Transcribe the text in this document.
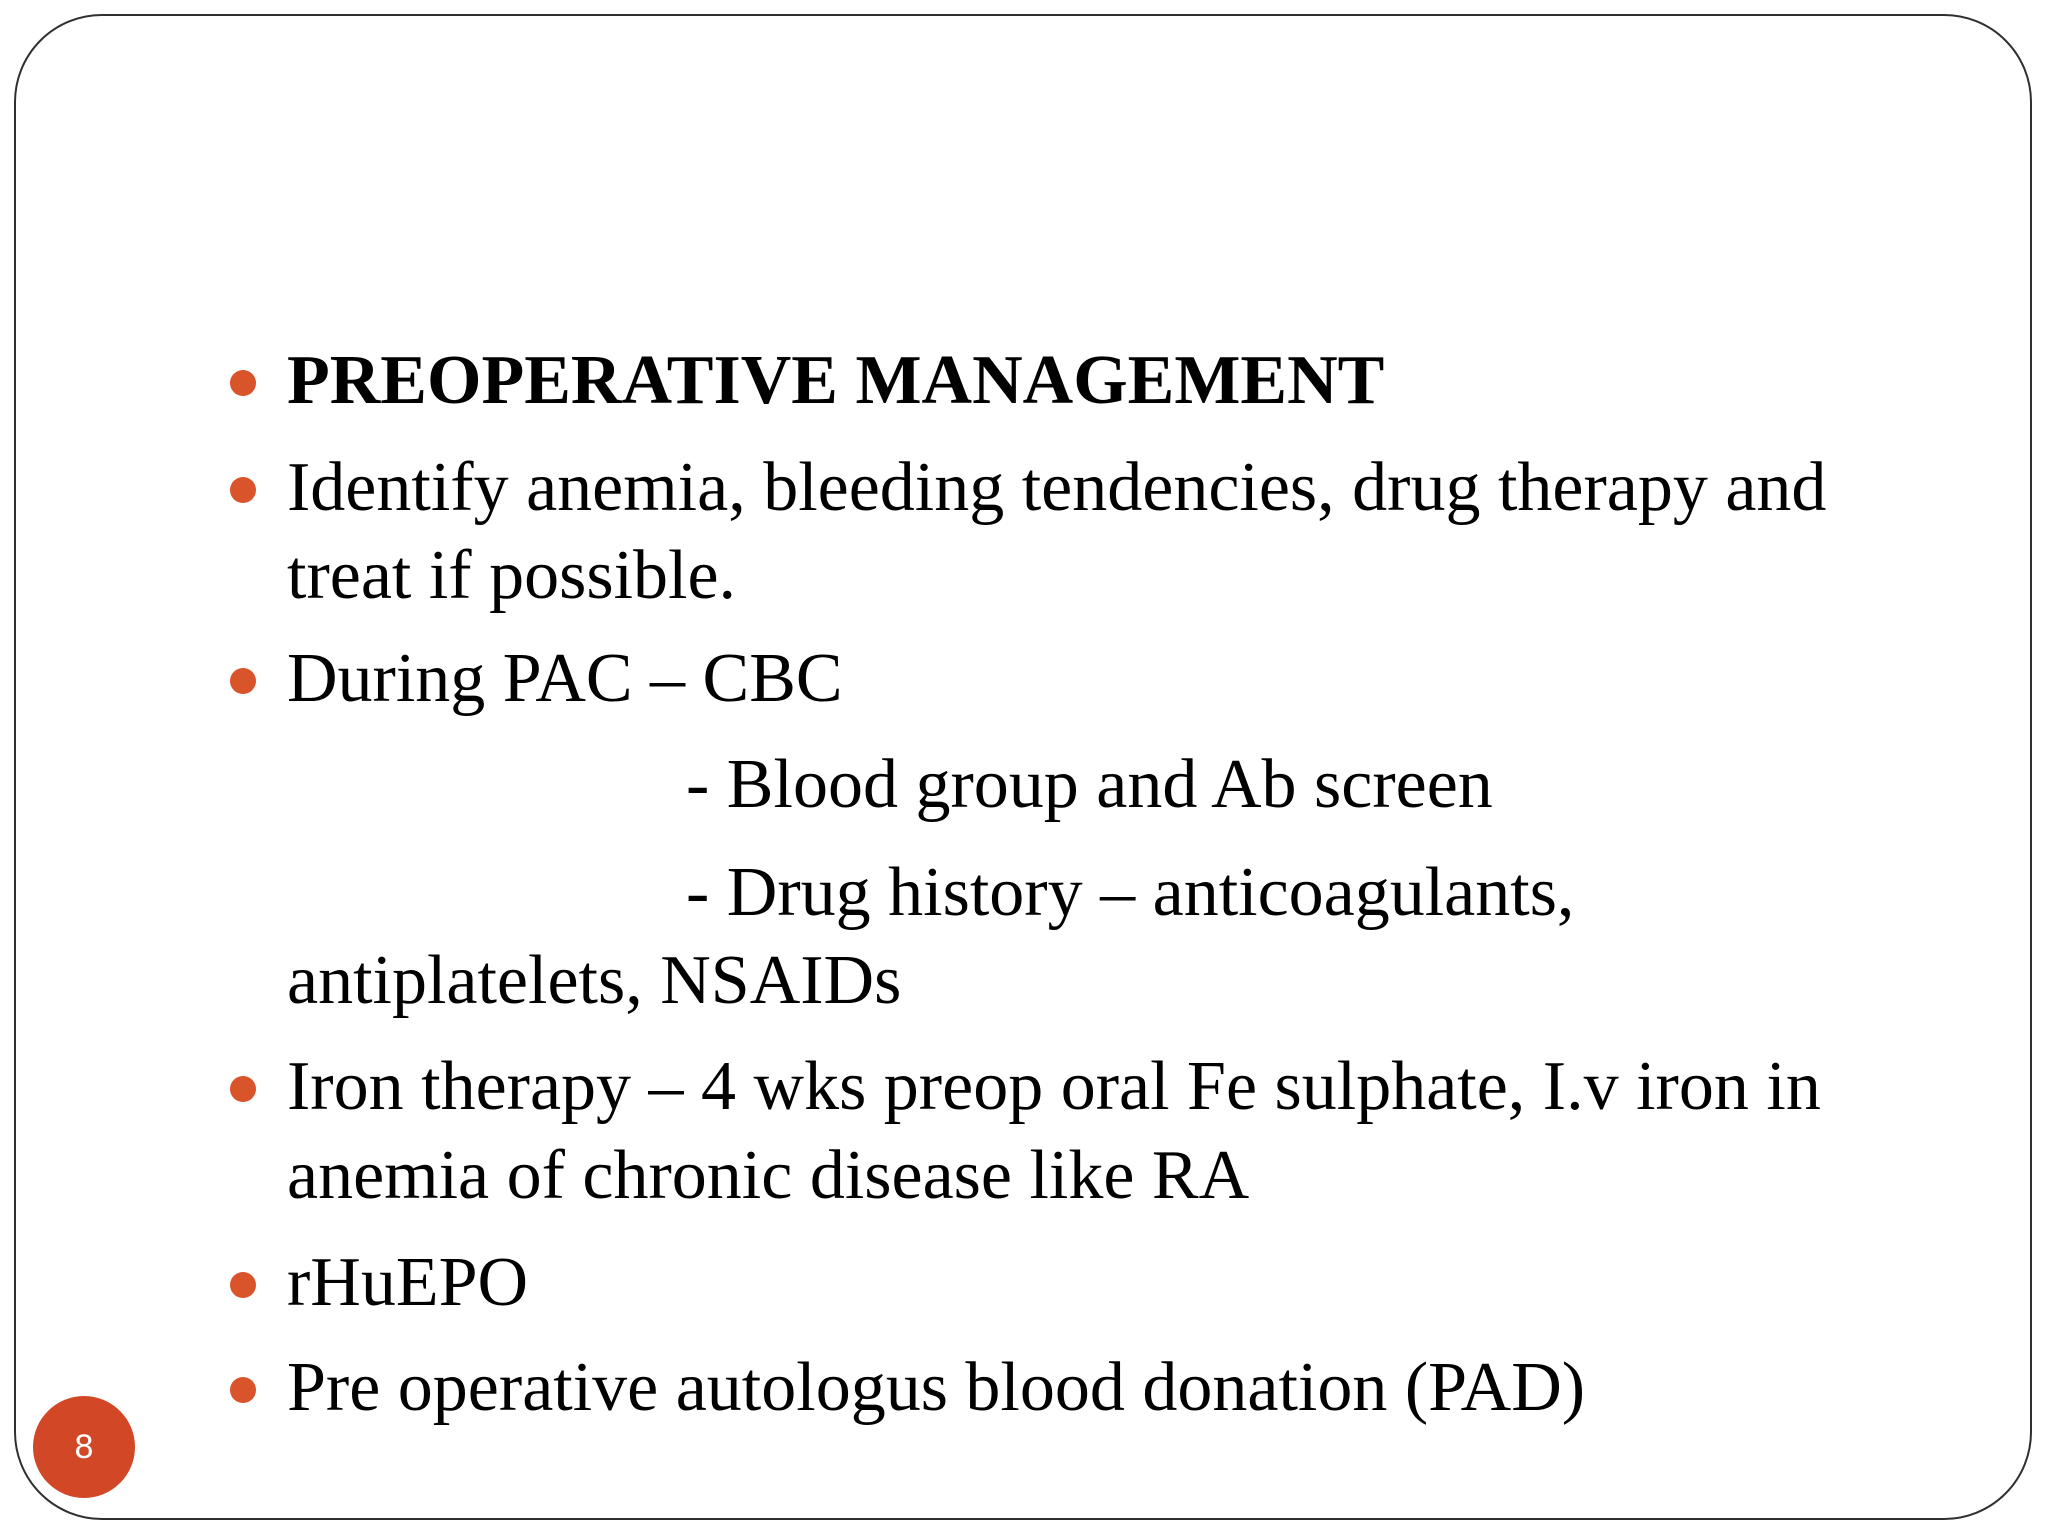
PREOPERATIVE MANAGEMENT
Identify anemia, bleeding tendencies, drug therapy and
treat if possible.
During PAC – CBC
- Blood group and Ab screen
- Drug history – anticoagulants,
antiplatelets, NSAIDs
Iron therapy – 4 wks preop oral Fe sulphate, I.v iron in
anemia of chronic disease like RA
rHuEPO
Pre operative autologus blood donation (PAD)
8
